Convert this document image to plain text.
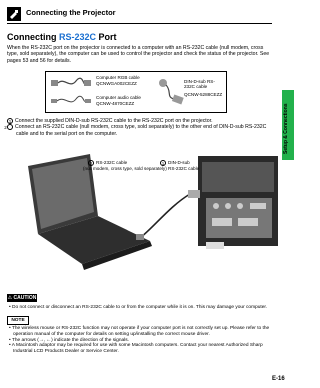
Connecting the Projector
Connecting RS-232C Port
When the RS-232C port on the projector is connected to a computer with an RS-232C cable (null modem, cross type, sold separately), the computer can be used to control the projector and check the status of the projector. See pages 53 and 56 for details.
Computer RGB cable
QCNWGA002CEZZ
Computer audio cable
QCNW-4870CEZZ
DIN-D-sub RS-232C cable
QCNW-5288CEZZ
1 Connect the supplied DIN-D-sub RS-232C cable to the RS-232C port on the projector.
2 Connect an RS-232C cable (null modem, cross type, sold separately) to the other end of DIN-D-sub RS-232C cable and to the serial port on the computer.
2 RS-232C cable
(null modem, cross type, sold separately)
1 DIN-D-sub
RS-232C cable
Setup & Connections
⚠ CAUTION
• Do not connect or disconnect an RS-232C cable to or from the computer while it is on. This may damage your computer.
NOTE
• The wireless mouse or RS-232C function may not operate if your computer port is not correctly set up. Please refer to the operation manual of the computer for details on setting up/installing the correct mouse driver.
• The arrows (→, ←) indicate the direction of the signals.
• A Macintosh adaptor may be required for use with some Macintosh computers. Contact your nearest Authorized Sharp Industrial LCD Products Dealer or Service Center.
E-16
